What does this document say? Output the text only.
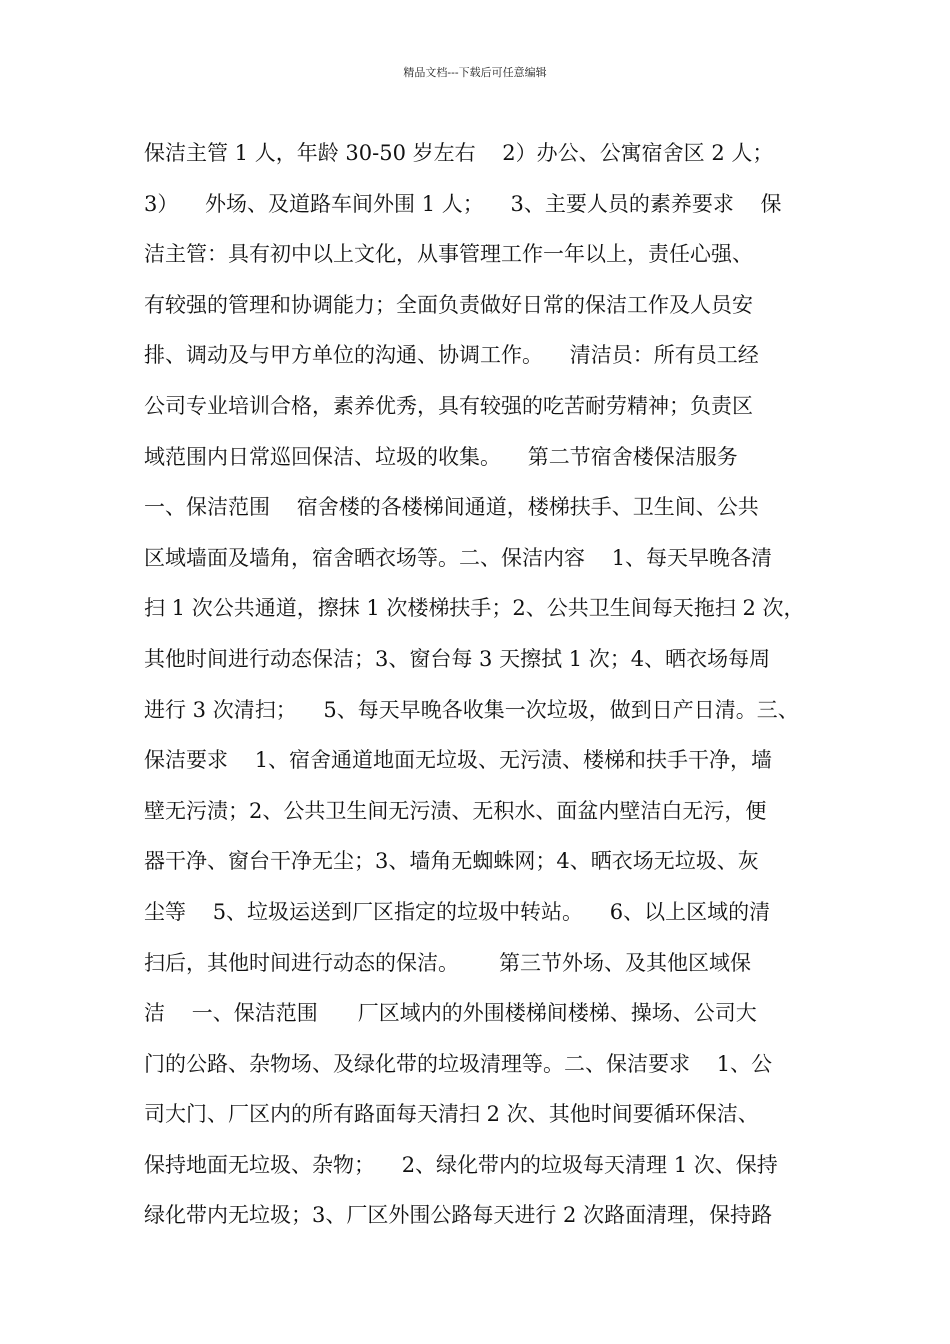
精品文档---下载后可任意编辑
保洁主管 1 人，年龄 30-50 岁左右    2）办公、公寓宿舍区 2 人；
3）    外场、及道路车间外围 1 人；    3、主要人员的素养要求    保
洁主管：具有初中以上文化，从事管理工作一年以上，责任心强、
有较强的管理和协调能力；全面负责做好日常的保洁工作及人员安
排、调动及与甲方单位的沟通、协调工作。    清洁员：所有员工经
公司专业培训合格，素养优秀，具有较强的吃苦耐劳精神；负责区
域范围内日常巡回保洁、垃圾的收集。    第二节宿舍楼保洁服务
一、保洁范围    宿舍楼的各楼梯间通道，楼梯扶手、卫生间、公共
区域墙面及墙角，宿舍晒衣场等。二、保洁内容    1、每天早晚各清
扫 1 次公共通道，擦抹 1 次楼梯扶手；2、公共卫生间每天拖扫 2 次，
其他时间进行动态保洁；3、窗台每 3 天擦拭 1 次；4、晒衣场每周
进行 3 次清扫；    5、每天早晚各收集一次垃圾，做到日产日清。三、
保洁要求    1、宿舍通道地面无垃圾、无污渍、楼梯和扶手干净，墙
壁无污渍；2、公共卫生间无污渍、无积水、面盆内壁洁白无污，便
器干净、窗台干净无尘；3、墙角无蜘蛛网；4、晒衣场无垃圾、灰
尘等    5、垃圾运送到厂区指定的垃圾中转站。    6、以上区域的清
扫后，其他时间进行动态的保洁。      第三节外场、及其他区域保
洁    一、保洁范围      厂区域内的外围楼梯间楼梯、操场、公司大
门的公路、杂物场、及绿化带的垃圾清理等。二、保洁要求    1、公
司大门、厂区内的所有路面每天清扫 2 次、其他时间要循环保洁、
保持地面无垃圾、杂物；    2、绿化带内的垃圾每天清理 1 次、保持
绿化带内无垃圾；3、厂区外围公路每天进行 2 次路面清理，保持路
